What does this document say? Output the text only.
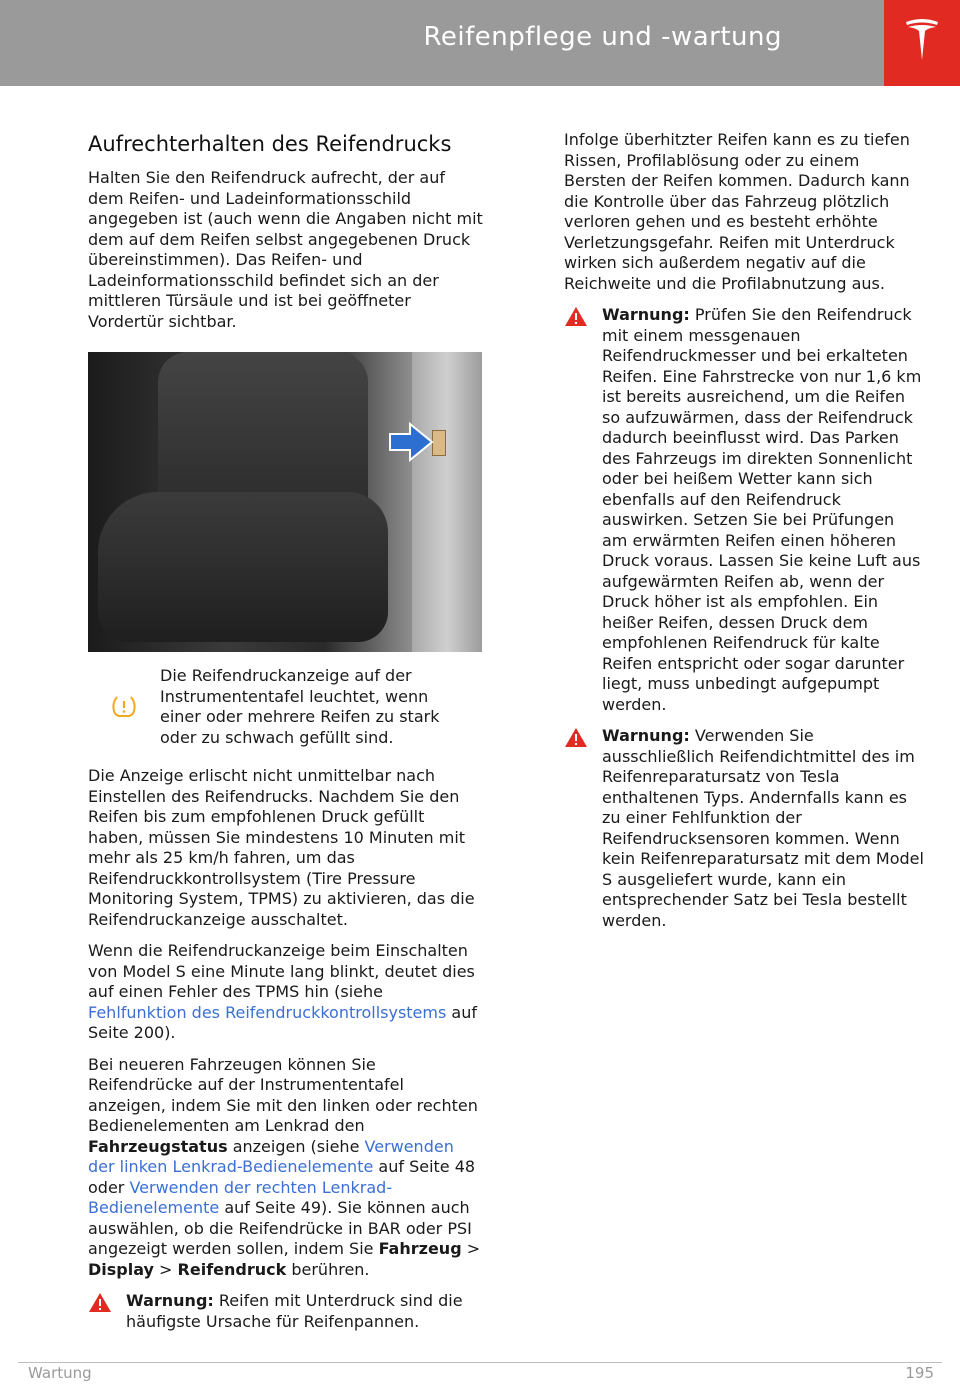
Reifenpflege und -wartung
Aufrechterhalten des Reifendrucks

Halten Sie den Reifendruck aufrecht, der auf dem Reifen- und Ladeinformationsschild angegeben ist (auch wenn die Angaben nicht mit dem auf dem Reifen selbst angegebenen Druck übereinstimmen). Das Reifen- und Ladeinformationsschild befindet sich an der mittleren Türsäule und ist bei geöffneter Vordertür sichtbar.

Die Reifendruckanzeige auf der Instrumententafel leuchtet, wenn einer oder mehrere Reifen zu stark oder zu schwach gefüllt sind.

Die Anzeige erlischt nicht unmittelbar nach Einstellen des Reifendrucks. Nachdem Sie den Reifen bis zum empfohlenen Druck gefüllt haben, müssen Sie mindestens 10 Minuten mit mehr als 25 km/h fahren, um das Reifendruckkontrollsystem (Tire Pressure Monitoring System, TPMS) zu aktivieren, das die Reifendruckanzeige ausschaltet.

Wenn die Reifendruckanzeige beim Einschalten von Model S eine Minute lang blinkt, deutet dies auf einen Fehler des TPMS hin (siehe Fehlfunktion des Reifendruckkontrollsystems auf Seite 200).

Bei neueren Fahrzeugen können Sie Reifendrücke auf der Instrumententafel anzeigen, indem Sie mit den linken oder rechten Bedienelementen am Lenkrad den Fahrzeugstatus anzeigen (siehe Verwenden der linken Lenkrad-Bedienelemente auf Seite 48 oder Verwenden der rechten Lenkrad-Bedienelemente auf Seite 49). Sie können auch auswählen, ob die Reifendrücke in BAR oder PSI angezeigt werden sollen, indem Sie Fahrzeug > Display > Reifendruck berühren.

Warnung: Reifen mit Unterdruck sind die häufigste Ursache für Reifenpannen.

Infolge überhitzter Reifen kann es zu tiefen Rissen, Profilablösung oder zu einem Bersten der Reifen kommen. Dadurch kann die Kontrolle über das Fahrzeug plötzlich verloren gehen und es besteht erhöhte Verletzungsgefahr. Reifen mit Unterdruck wirken sich außerdem negativ auf die Reichweite und die Profilabnutzung aus.

Warnung: Prüfen Sie den Reifendruck mit einem messgenauen Reifendruckmesser und bei erkalteten Reifen. Eine Fahrstrecke von nur 1,6 km ist bereits ausreichend, um die Reifen so aufzuwärmen, dass der Reifendruck dadurch beeinflusst wird. Das Parken des Fahrzeugs im direkten Sonnenlicht oder bei heißem Wetter kann sich ebenfalls auf den Reifendruck auswirken. Setzen Sie bei Prüfungen am erwärmten Reifen einen höheren Druck voraus. Lassen Sie keine Luft aus aufgewärmten Reifen ab, wenn der Druck höher ist als empfohlen. Ein heißer Reifen, dessen Druck dem empfohlenen Reifendruck für kalte Reifen entspricht oder sogar darunter liegt, muss unbedingt aufgepumpt werden.
Warnung: Verwenden Sie ausschließlich Reifendichtmittel des im Reifenreparatursatz von Tesla enthaltenen Typs. Andernfalls kann es zu einer Fehlfunktion der Reifendrucksensoren kommen. Wenn kein Reifenreparatursatz mit dem Model S ausgeliefert wurde, kann ein entsprechender Satz bei Tesla bestellt werden.
Wartung	195
